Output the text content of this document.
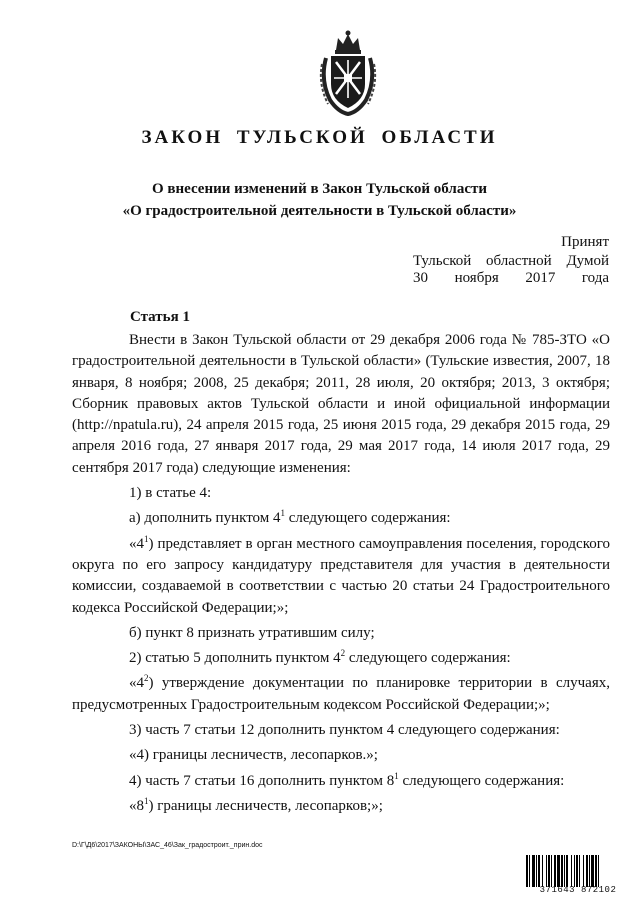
ЗАКОН ТУЛЬСКОЙ ОБЛАСТИ
О внесении изменений в Закон Тульской области
«О градостроительной деятельности в Тульской области»
Принят
Тульской областной Думой
30 ноября 2017 года
Статья 1

Внести в Закон Тульской области от 29 декабря 2006 года № 785-ЗТО «О градостроительной деятельности в Тульской области» (Тульские известия, 2007, 18 января, 8 ноября; 2008, 25 декабря; 2011, 28 июля, 20 октября; 2013, 3 октября; Сборник правовых актов Тульской области и иной официальной информации (http://npatula.ru), 24 апреля 2015 года, 25 июня 2015 года, 29 декабря 2015 года, 29 апреля 2016 года, 27 января 2017 года, 29 мая 2017 года, 14 июля 2017 года, 29 сентября 2017 года) следующие изменения:

1) в статье 4:

а) дополнить пунктом $4^1$ следующего содержания:

«$4^1$) представляет в орган местного самоуправления поселения, городского округа по его запросу кандидатуру представителя для участия в деятельности комиссии, создаваемой в соответствии с частью 20 статьи 24 Градостроительного кодекса Российской Федерации;»;

б) пункт 8 признать утратившим силу;

2) статью 5 дополнить пунктом $4^2$ следующего содержания:

«$4^2$) утверждение документации по планировке территории в случаях, предусмотренных Градостроительным кодексом Российской Федерации;»;

3) часть 7 статьи 12 дополнить пунктом 4 следующего содержания:

«4) границы лесничеств, лесопарков.»;

4) часть 7 статьи 16 дополнить пунктом $8^1$ следующего содержания:

«$8^1$) границы лесничеств, лесопарков;»;

D:\Г\Д6\2017\ЗАКОНЫ\ЗАС_46\Зак_градостроит._прин.doc
371643 872102
